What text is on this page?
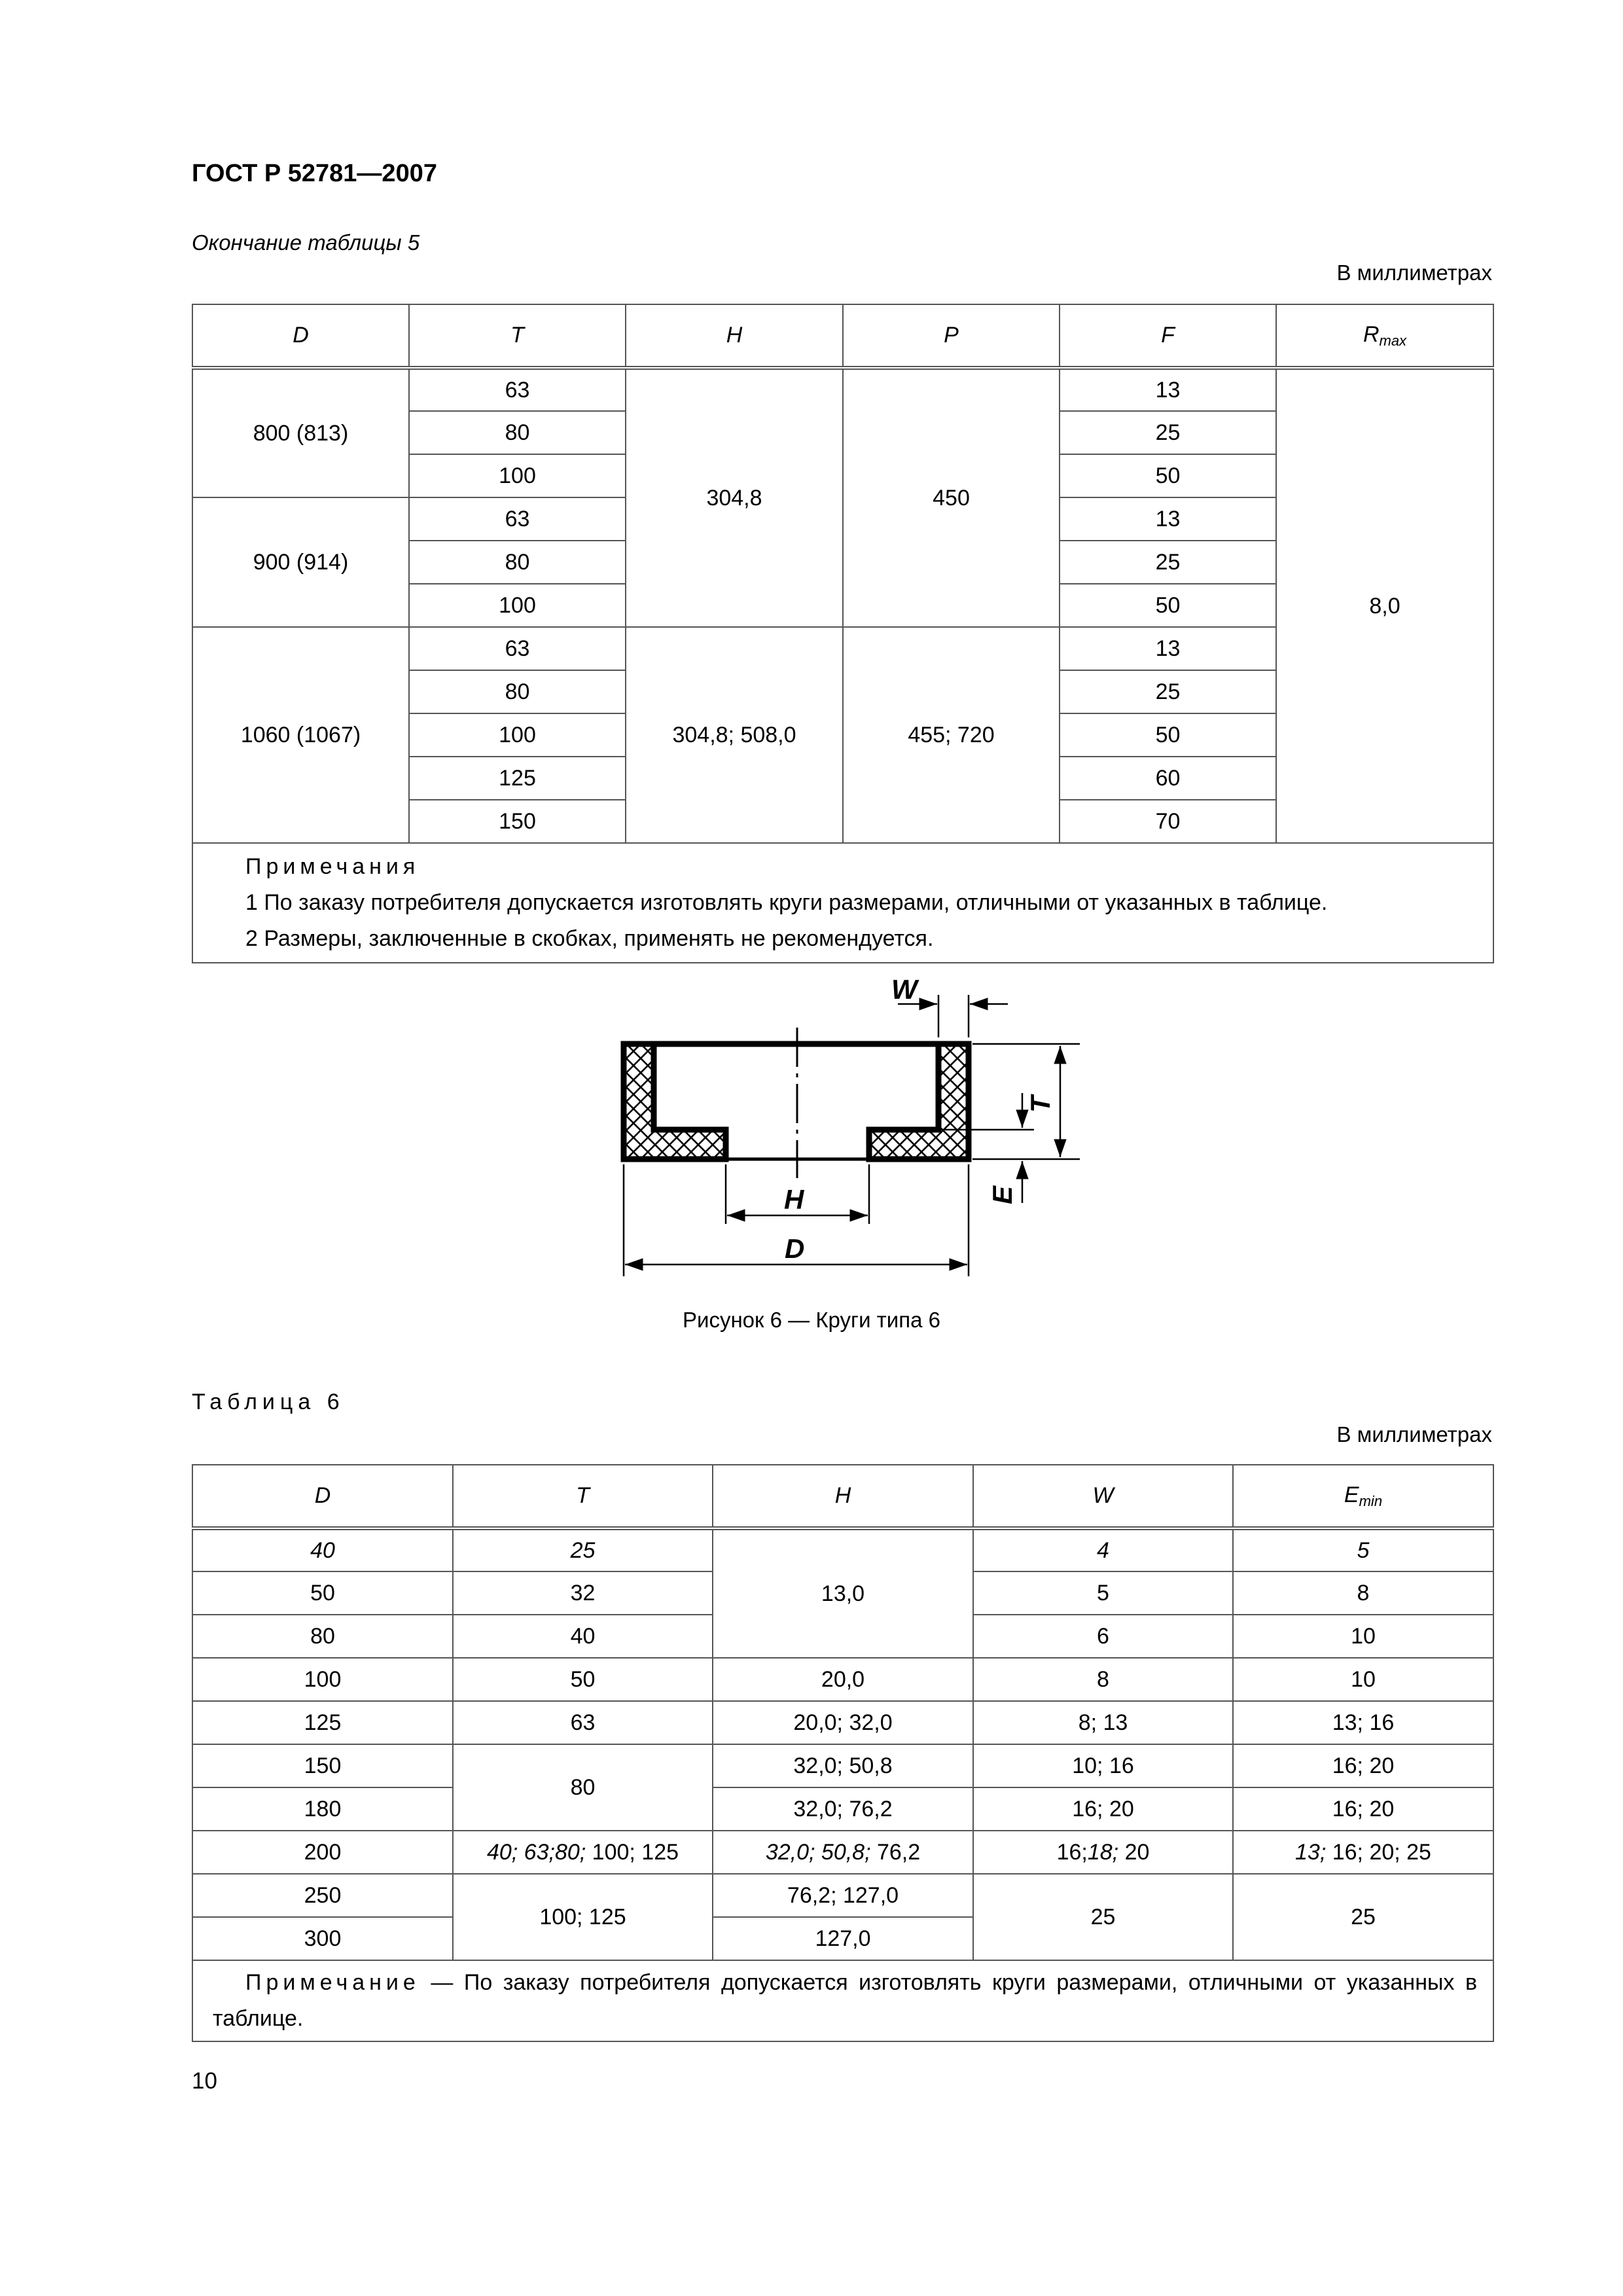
ГОСТ Р 52781—2007
Окончание таблицы 5
В миллиметрах
D	T	H	P	F	$R_{max}$
800 (813)	63	304,8	450	13	8,0
	80			25	
	100			50	
900 (914)	63			13	
	80			25	
	100			50	
1060 (1067)	63	304,8; 508,0	455; 720	13	
	80			25	
	100			50	
	125			60	
	150			70	

Примечания
1 По заказу потребителя допускается изготовлять круги размерами, отличными от указанных в таблице.
2 Размеры, заключенные в скобках, применять не рекомендуется.					
W
T
E
H
D
Рисунок 6 — Круги типа 6
Таблица 6
В миллиметрах
D	T	H	W	$E_{min}$
40	25	13,0	4	5
50	32		5	8
80	40		6	10
100	50	20,0	8	10
125	63	20,0; 32,0	8; 13	13; 16
150	80	32,0; 50,8	10; 16	16; 20
180		32,0; 76,2	16; 20	16; 20
200	40; 63;80; 100; 125	32,0; 50,8; 76,2	16;18; 20	13; 16; 20; 25
250	100; 125	76,2; 127,0	25	25
300		127,0		
Примечание — По заказу потребителя допускается изготовлять круги размерами, отличными от указанных в таблице.				
10
